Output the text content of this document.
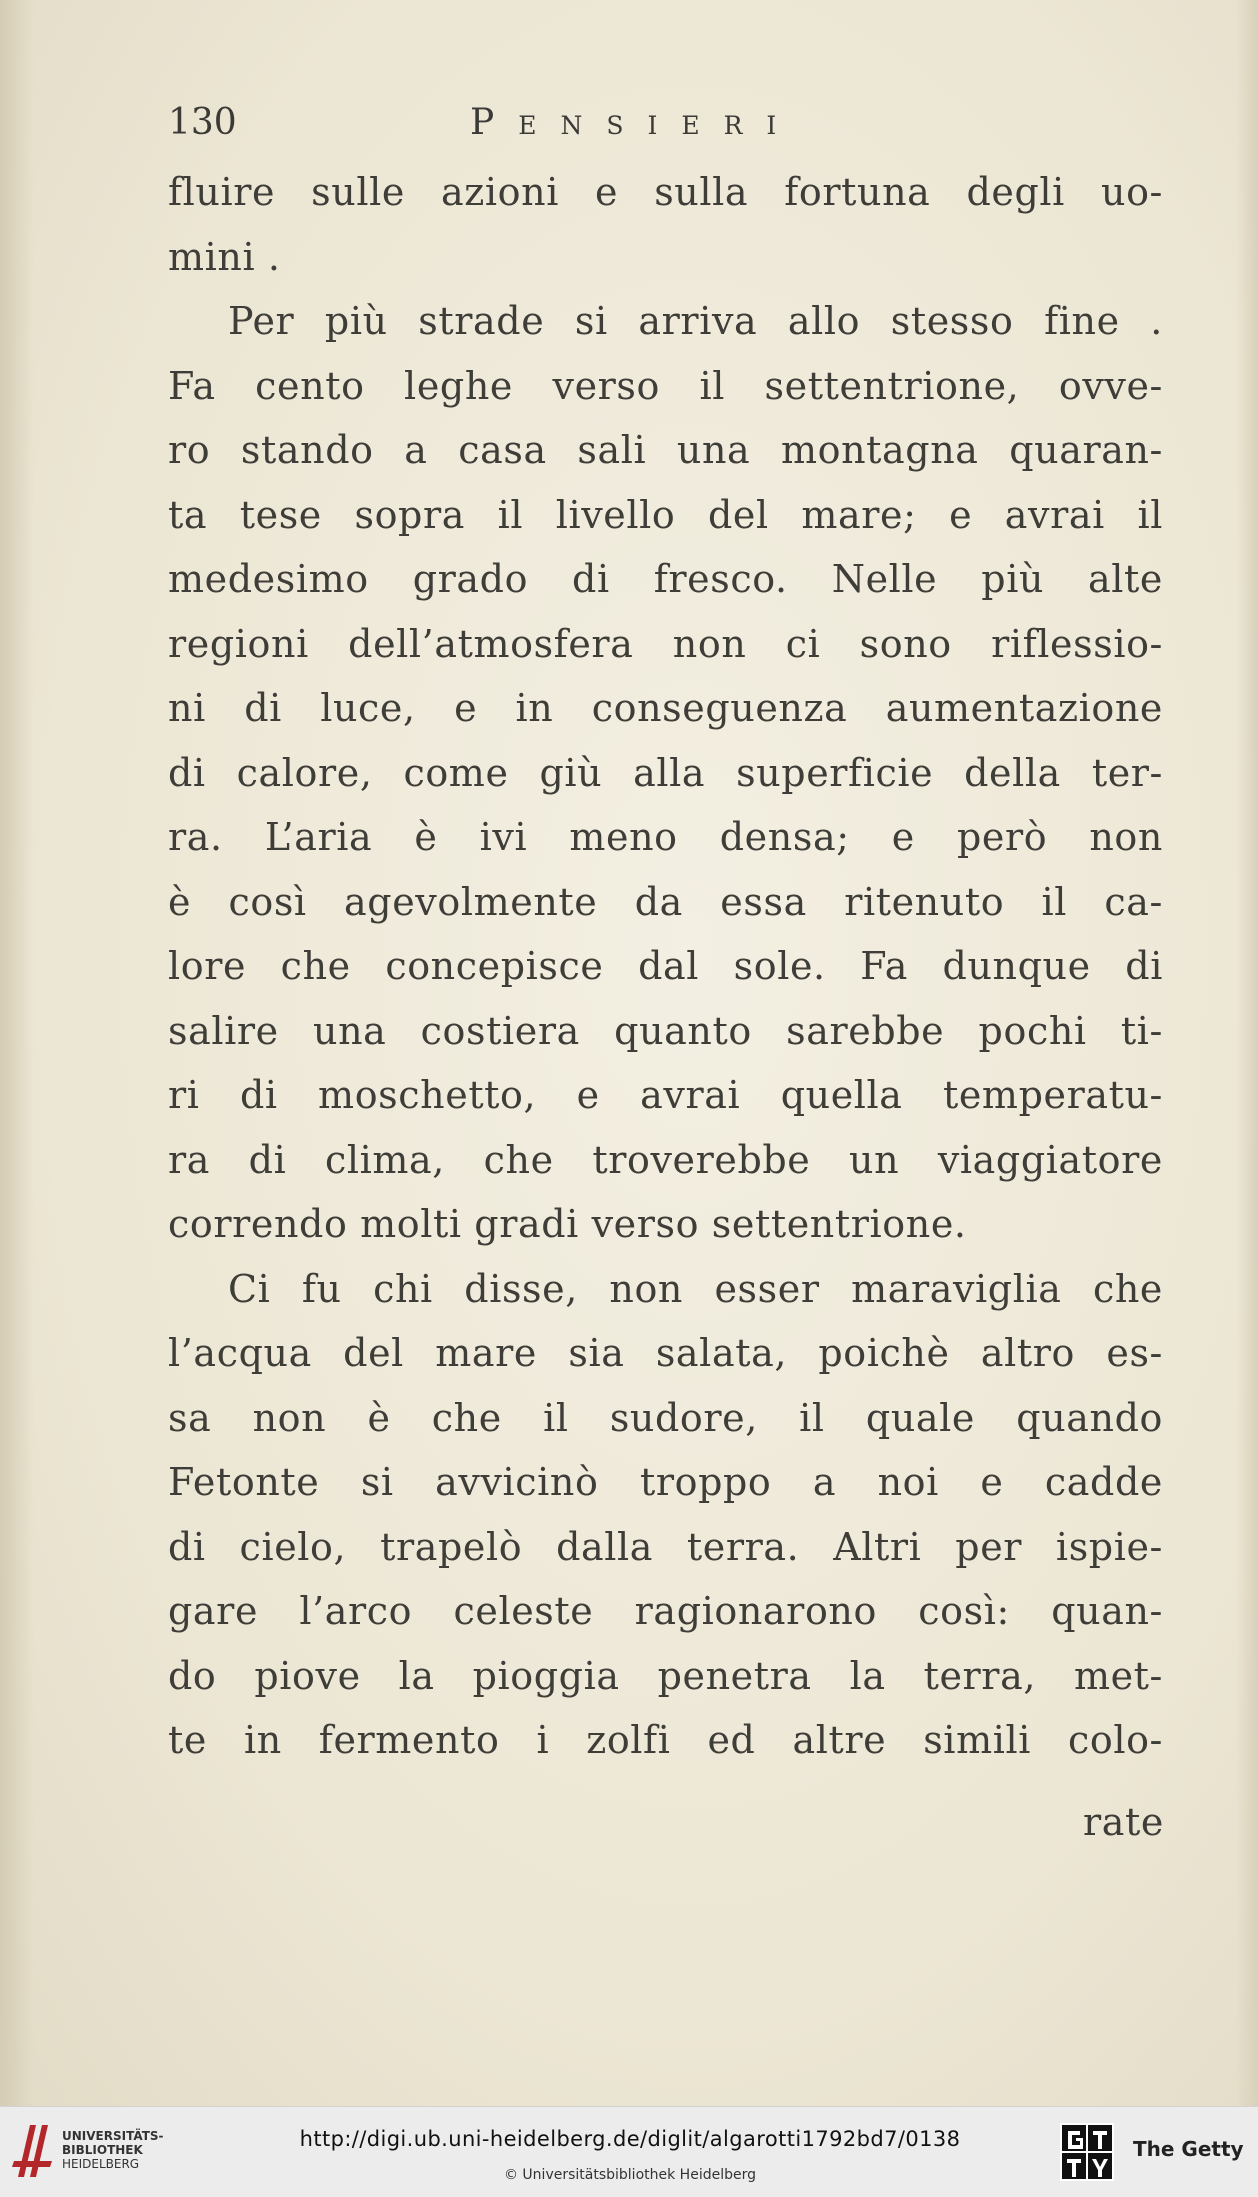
130	Pensieri
fluire sulle azioni e sulla fortuna degli uo-
mini .
Per più strade si arriva allo stesso fine .
Fa cento leghe verso il settentrione, ovve-
ro stando a casa sali una montagna quaran-
ta tese sopra il livello del mare; e avrai il
medesimo grado di fresco. Nelle più alte
regioni dell’atmosfera non ci sono riflessio-
ni di luce, e in conseguenza aumentazione
di calore, come giù alla superficie della ter-
ra. L’aria è ivi meno densa; e però non
è così agevolmente da essa ritenuto il ca-
lore che concepisce dal sole. Fa dunque di
salire una costiera quanto sarebbe pochi ti-
ri di moschetto, e avrai quella temperatu-
ra di clima, che troverebbe un viaggiatore
correndo molti gradi verso settentrione.
Ci fu chi disse, non esser maraviglia che
l’acqua del mare sia salata, poichè altro es-
sa non è che il sudore, il quale quando
Fetonte si avvicinò troppo a noi e cadde
di cielo, trapelò dalla terra. Altri per ispie-
gare l’arco celeste ragionarono così: quan-
do piove la pioggia penetra la terra, met-
te in fermento i zolfi ed altre simili colo-
rate
UNIVERSITÄTS-
BIBLIOTHEK
HEIDELBERG
http://digi.ub.uni-heidelberg.de/diglit/algarotti1792bd7/0138
© Universitätsbibliothek Heidelberg
The Getty
